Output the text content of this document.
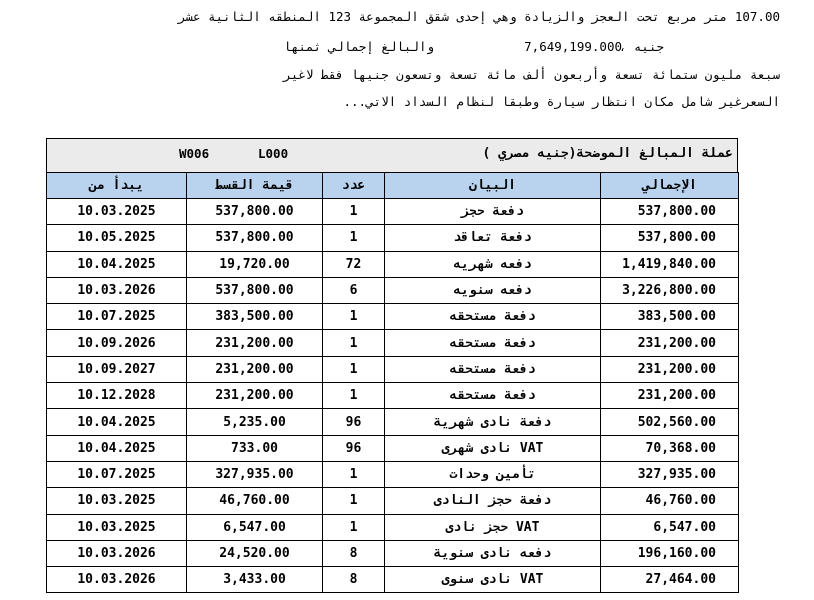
107.00 متر مربع تحت العجز والزيادة وهي إحدى شقق المجموعة 123 المنطقه الثانية عشر
والبالغ إجمالي ثمنها	7,649,199.000
جنيه ،
سبعة مليون ستمائة تسعة وأربعون ألف مائة تسعة وتسعون جنيها فقط لاغير
السعرغير شامل مكان انتظار سيارة وطبقا لنظام السداد الاتي...
W006	L000	عملة المبالغ الموضحة(جنيه مصري )
يبدأ من	قيمة القسط	عدد	البيان	الإجمالي
10.03.2025	537,800.00	1	دفعة حجز	537,800.00
10.05.2025	537,800.00	1	دفعة تعاقد	537,800.00
10.04.2025	19,720.00	72	دفعه شهريه	1,419,840.00
10.03.2026	537,800.00	6	دفعه سنويه	3,226,800.00
10.07.2025	383,500.00	1	دفعة مستحقه	383,500.00
10.09.2026	231,200.00	1	دفعة مستحقه	231,200.00
10.09.2027	231,200.00	1	دفعة مستحقه	231,200.00
10.12.2028	231,200.00	1	دفعة مستحقه	231,200.00
10.04.2025	5,235.00	96	دفعة نادى شهرية	502,560.00
10.04.2025	733.00	96	VAT نادى شهرى	70,368.00
10.07.2025	327,935.00	1	تأمين وحدات	327,935.00
10.03.2025	46,760.00	1	دفعة حجز النادى	46,760.00
10.03.2025	6,547.00	1	VAT حجز نادى	6,547.00
10.03.2026	24,520.00	8	دفعه نادى سنوية	196,160.00
10.03.2026	3,433.00	8	VAT نادى سنوى	27,464.00
